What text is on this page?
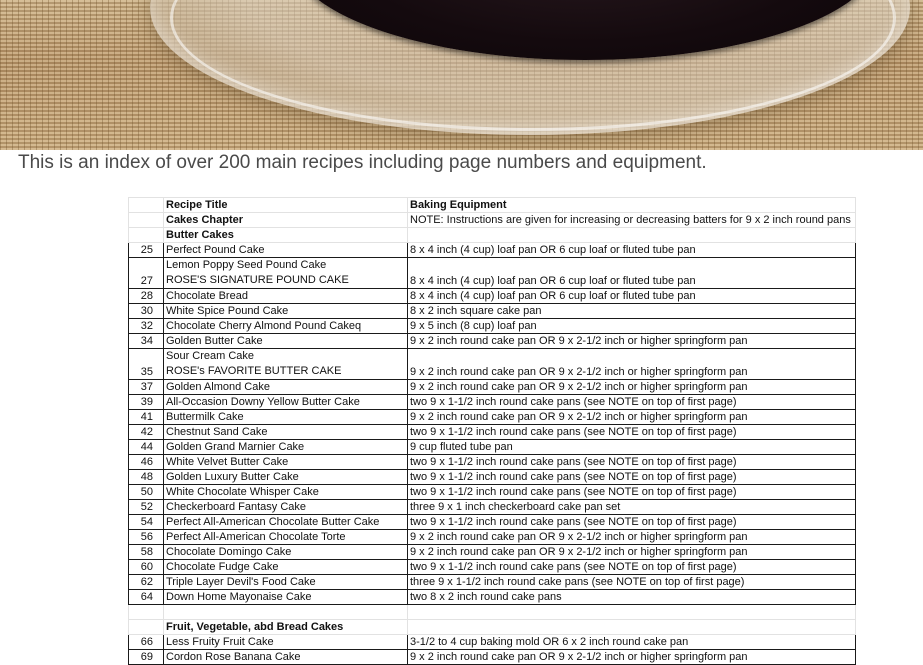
This is an index of over 200 main recipes including page numbers and equipment.
	Recipe Title	Baking Equipment
	Cakes Chapter	NOTE: Instructions are given for increasing or decreasing batters for 9 x 2 inch round pans
	Butter Cakes	
25	Perfect Pound Cake	8 x 4 inch (4 cup) loaf pan OR 6 cup loaf or fluted tube pan
27	Lemon Poppy Seed Pound Cake
ROSE'S SIGNATURE POUND CAKE	8 x 4 inch (4 cup) loaf pan OR 6 cup loaf or fluted tube pan
28	Chocolate Bread	8 x 4 inch (4 cup) loaf pan OR 6 cup loaf or fluted tube pan
30	White Spice Pound Cake	8 x 2 inch square cake pan
32	Chocolate Cherry Almond Pound Cakeq	9 x 5 inch (8 cup) loaf pan
34	Golden Butter Cake	9 x 2 inch round cake pan OR 9 x 2-1/2 inch or higher springform pan
35	Sour Cream Cake
ROSE's FAVORITE BUTTER CAKE	9 x 2 inch round cake pan OR 9 x 2-1/2 inch or higher springform pan
37	Golden Almond Cake	9 x 2 inch round cake pan OR 9 x 2-1/2 inch or higher springform pan
39	All-Occasion Downy Yellow Butter Cake	two 9 x 1-1/2 inch round cake pans (see NOTE on top of first page)
41	Buttermilk Cake	9 x 2 inch round cake pan OR 9 x 2-1/2 inch or higher springform pan
42	Chestnut Sand Cake	two 9 x 1-1/2 inch round cake pans (see NOTE on top of first page)
44	Golden Grand Marnier Cake	9 cup fluted tube pan
46	White Velvet Butter Cake	two 9 x 1-1/2 inch round cake pans (see NOTE on top of first page)
48	Golden Luxury Butter Cake	two 9 x 1-1/2 inch round cake pans (see NOTE on top of first page)
50	White Chocolate Whisper Cake	two 9 x 1-1/2 inch round cake pans (see NOTE on top of first page)
52	Checkerboard Fantasy Cake	three 9 x 1 inch checkerboard cake pan set
54	Perfect All-American Chocolate Butter Cake	two 9 x 1-1/2 inch round cake pans (see NOTE on top of first page)
56	Perfect All-American Chocolate Torte	9 x 2 inch round cake pan OR 9 x 2-1/2 inch or higher springform pan
58	Chocolate Domingo Cake	9 x 2 inch round cake pan OR 9 x 2-1/2 inch or higher springform pan
60	Chocolate Fudge Cake	two 9 x 1-1/2 inch round cake pans (see NOTE on top of first page)
62	Triple Layer Devil's Food Cake	three 9 x 1-1/2 inch round cake pans (see NOTE on top of first page)
64	Down Home Mayonaise Cake	two 8 x 2 inch round cake pans

	Fruit, Vegetable, abd Bread Cakes	
66	Less Fruity Fruit Cake	3-1/2 to 4 cup baking mold OR 6 x 2 inch round cake pan
69	Cordon Rose Banana Cake	9 x 2 inch round cake pan OR 9 x 2-1/2 inch or higher springform pan
